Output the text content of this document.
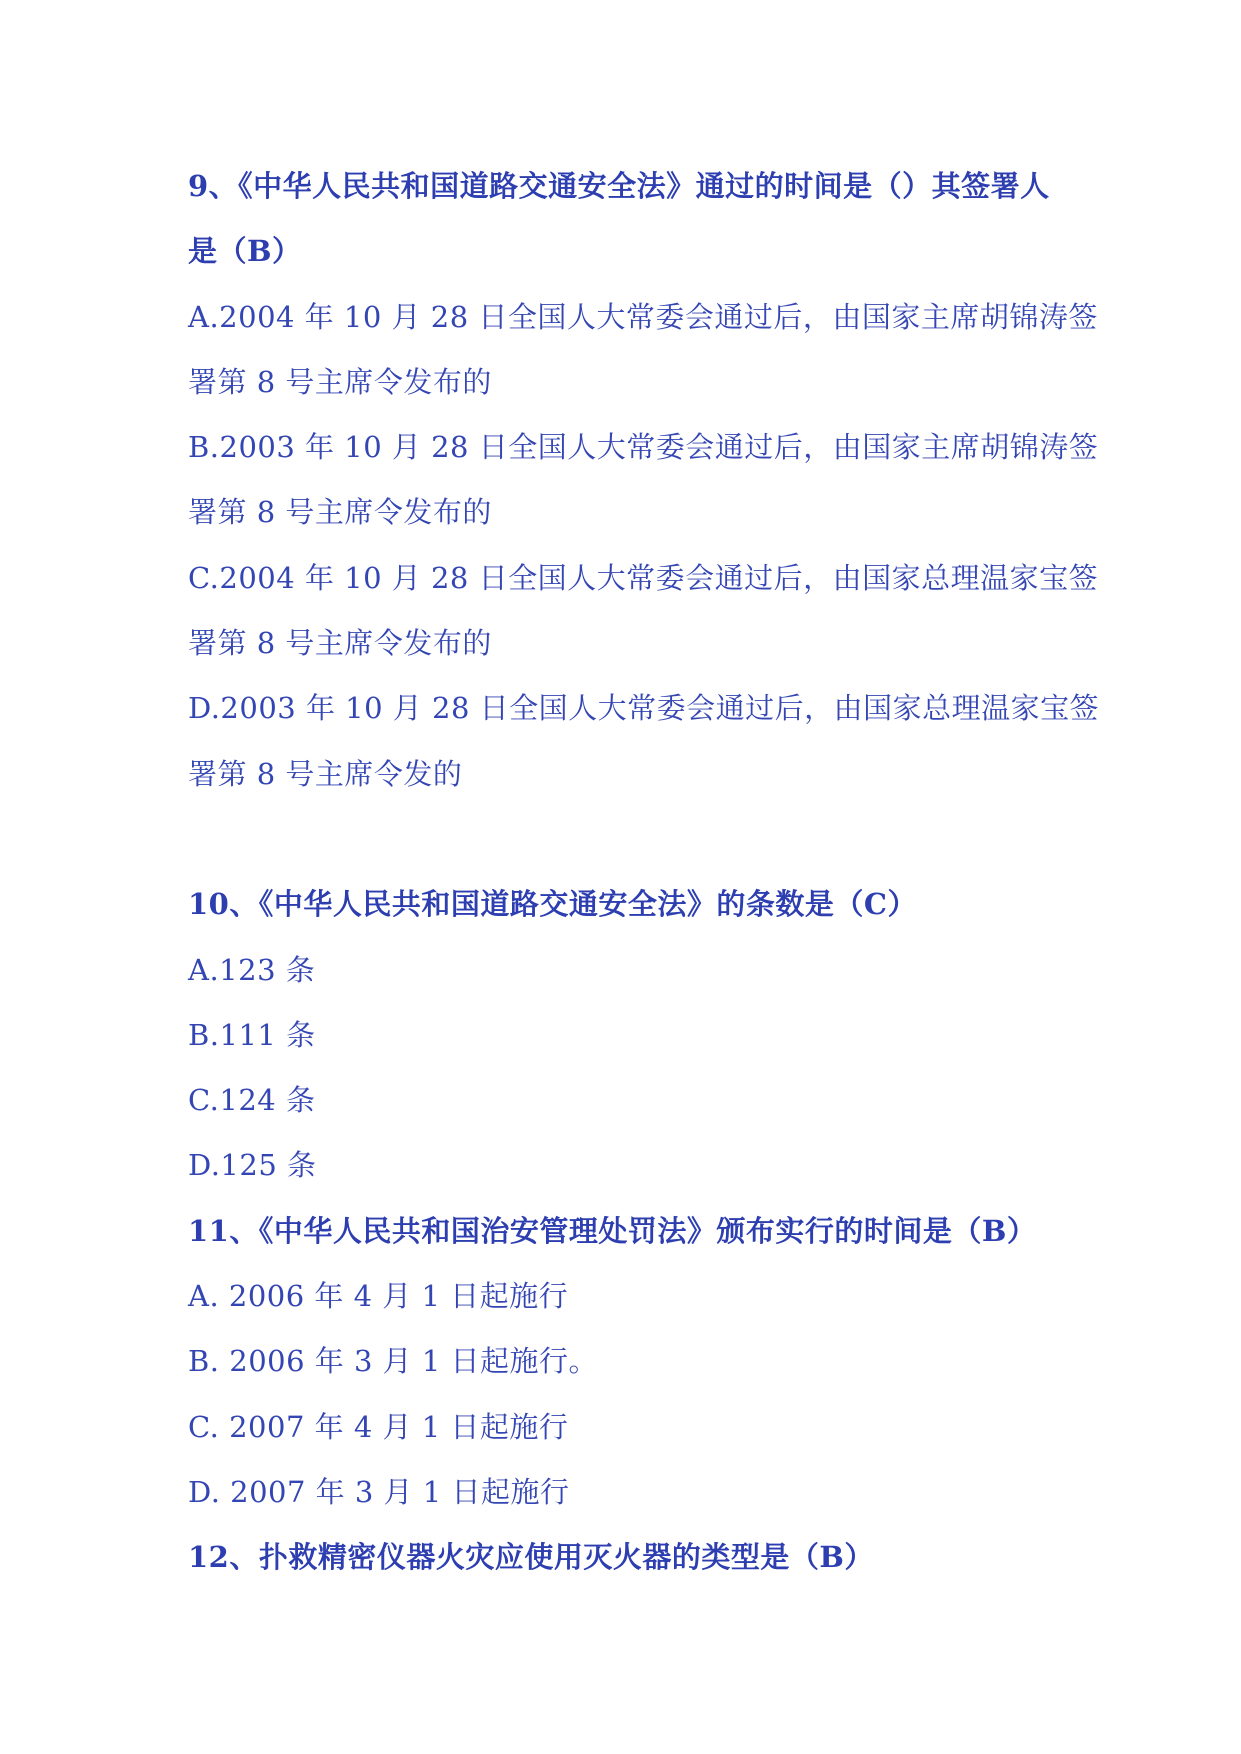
9、《中华人民共和国道路交通安全法》通过的时间是（）其签署人
是（B）
A.2004 年 10 月 28 日全国人大常委会通过后，由国家主席胡锦涛签
署第 8 号主席令发布的
B.2003 年 10 月 28 日全国人大常委会通过后，由国家主席胡锦涛签
署第 8 号主席令发布的
C.2004 年 10 月 28 日全国人大常委会通过后，由国家总理温家宝签
署第 8 号主席令发布的
D.2003 年 10 月 28 日全国人大常委会通过后，由国家总理温家宝签
署第 8 号主席令发的
10、《中华人民共和国道路交通安全法》的条数是（C）
A.123 条
B.111 条
C.124 条
D.125 条
11、《中华人民共和国治安管理处罚法》颁布实行的时间是（B）
A. 2006 年 4 月 1 日起施行
B. 2006 年 3 月 1 日起施行。
C. 2007 年 4 月 1 日起施行
D. 2007 年 3 月 1 日起施行
12、扑救精密仪器火灾应使用灭火器的类型是（B）
